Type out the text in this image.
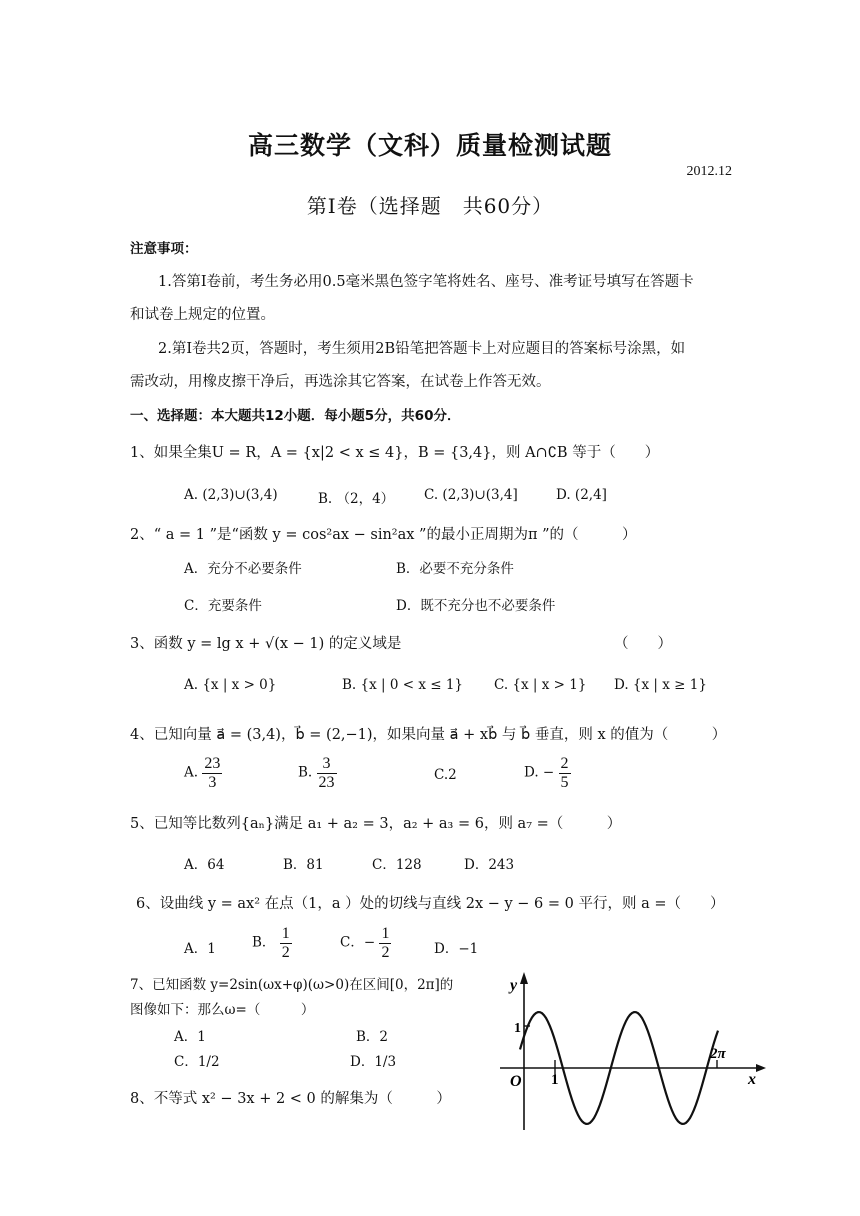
高三数学（文科）质量检测试题
2012.12
第Ⅰ卷（选择题　共60分）
注意事项：
1.答第Ⅰ卷前，考生务必用0.5毫米黑色签字笔将姓名、座号、准考证号填写在答题卡
和试卷上规定的位置。
2.第Ⅰ卷共2页，答题时，考生须用2B铅笔把答题卡上对应题目的答案标号涂黑，如
需改动，用橡皮擦干净后，再选涂其它答案，在试卷上作答无效。
一、选择题：本大题共12小题．每小题5分，共60分．
1、如果全集U = R，A = {x|2 < x ≤ 4}，B = {3,4}，则 A∩∁B 等于（　　）
A. (2,3)∪(3,4)	B. （2，4） C. (2,3)∪(3,4]	D. (2,4]
2、“ a = 1 ”是“函数 y = cos²ax − sin²ax ”的最小正周期为π ”的（　　　）
A．充分不必要条件	B．必要不充分条件
C．充要条件	D．既不充分也不必要条件
3、函数 y = lg x + √(x − 1) 的定义域是	（　　）
A. {x | x > 0}	B. {x | 0 < x ≤ 1} C. {x | x > 1} D. {x | x ≥ 1}
4、已知向量 a⃗ = (3,4)，b⃗ = (2,−1)，如果向量 a⃗ + xb⃗ 与 b⃗ 垂直，则 x 的值为（　　　）
A. $\frac{23}{3}$	B. $\frac{3}{23}$	C.2	D. − $\frac{2}{5}$
5、已知等比数列{aₙ}满足 a₁ + a₂ = 3，a₂ + a₃ = 6，则 a₇ =（　　　）
A．64	B．81	C．128	D．243
6、设曲线 y = ax² 在点（1，a ）处的切线与直线 2x − y − 6 = 0 平行，则 a =（　　）
A．1	B． $\frac{1}{2}$	C．− $\frac{1}{2}$	D．−1
7、已知函数 y=2sin(ωx+φ)(ω>0)在区间[0，2π]的
图像如下：那么ω=（　　　）
A．1	B．2
C．1/2	D．1/3
y
x
O 1
1
2π
8、不等式 x² − 3x + 2 < 0 的解集为（　　　）
